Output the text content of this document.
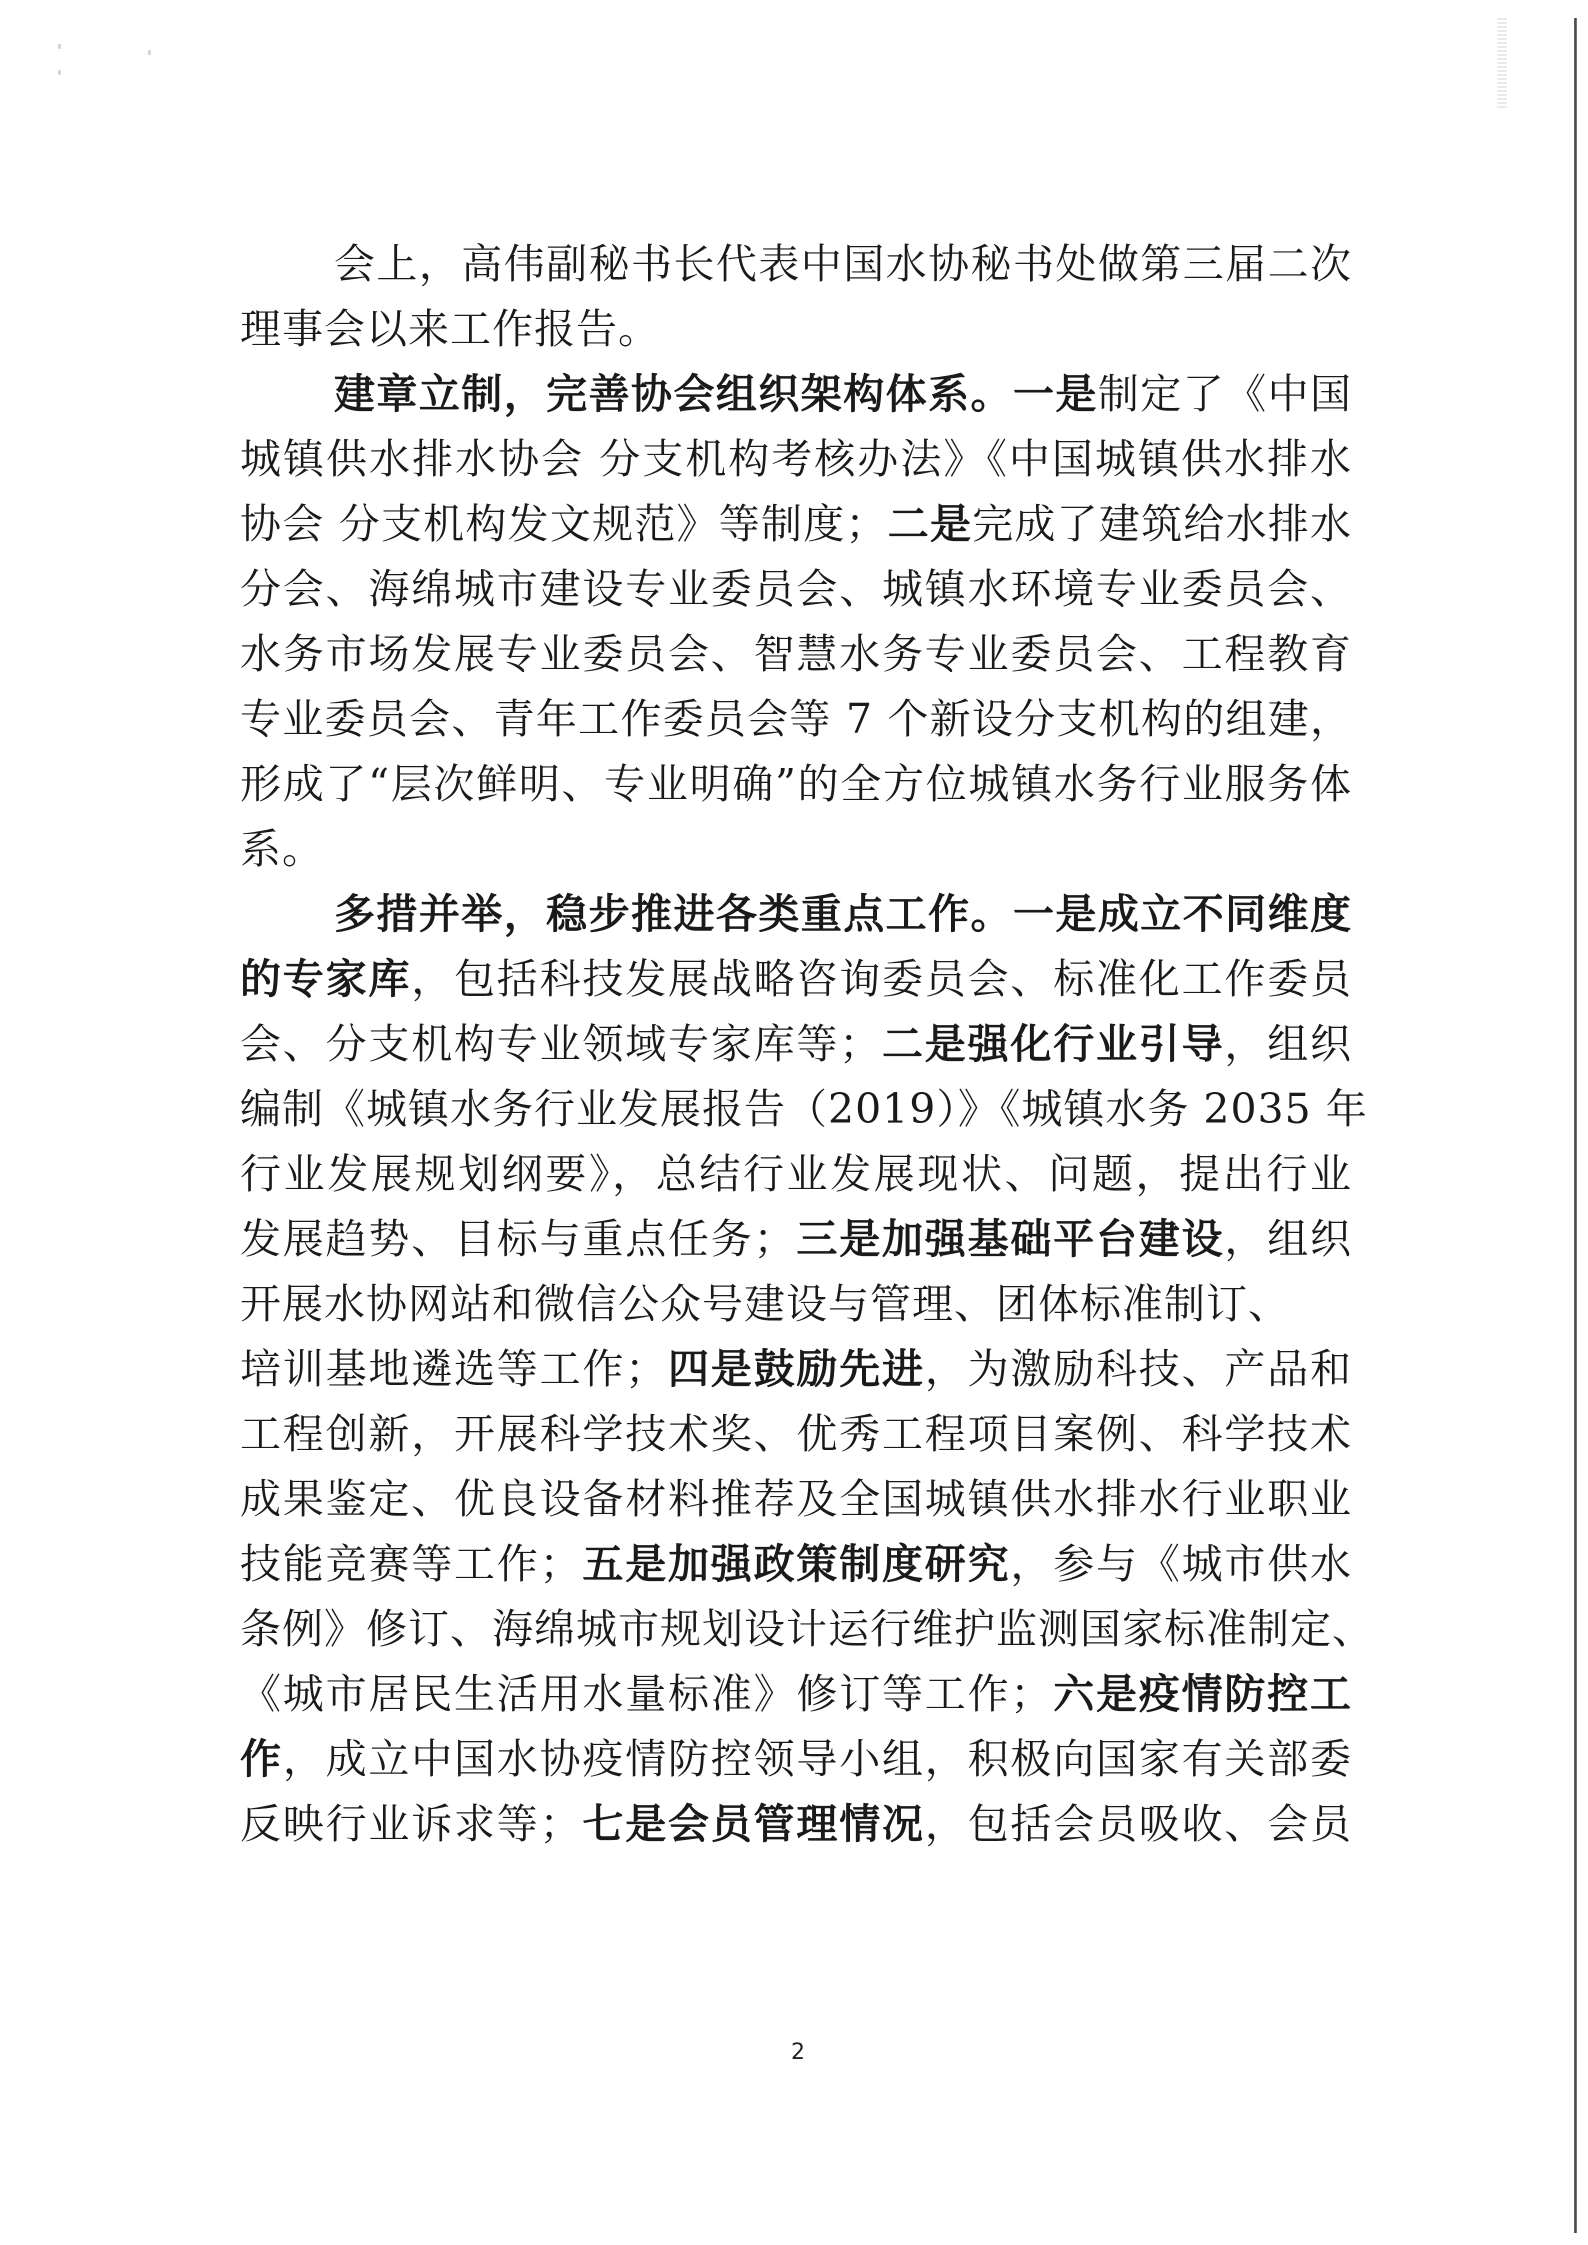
会上，高伟副秘书长代表中国水协秘书处做第三届二次
理事会以来工作报告。
建章立制，完善协会组织架构体系。一是制定了《中国
城镇供水排水协会 分支机构考核办法》《中国城镇供水排水
协会 分支机构发文规范》等制度；二是完成了建筑给水排水
分会、海绵城市建设专业委员会、城镇水环境专业委员会、
水务市场发展专业委员会、智慧水务专业委员会、工程教育
专业委员会、青年工作委员会等 7 个新设分支机构的组建，
形成了“层次鲜明、专业明确”的全方位城镇水务行业服务体
系。
多措并举，稳步推进各类重点工作。一是成立不同维度
的专家库，包括科技发展战略咨询委员会、标准化工作委员
会、分支机构专业领域专家库等；二是强化行业引导，组织
编制《城镇水务行业发展报告（2019）》《城镇水务 2035 年
行业发展规划纲要》，总结行业发展现状、问题，提出行业
发展趋势、目标与重点任务；三是加强基础平台建设，组织
开展水协网站和微信公众号建设与管理、团体标准制订、
培训基地遴选等工作；四是鼓励先进，为激励科技、产品和
工程创新，开展科学技术奖、优秀工程项目案例、科学技术
成果鉴定、优良设备材料推荐及全国城镇供水排水行业职业
技能竞赛等工作；五是加强政策制度研究，参与《城市供水
条例》修订、海绵城市规划设计运行维护监测国家标准制定、
《城市居民生活用水量标准》修订等工作；六是疫情防控工
作，成立中国水协疫情防控领导小组，积极向国家有关部委
反映行业诉求等；七是会员管理情况，包括会员吸收、会员
2
